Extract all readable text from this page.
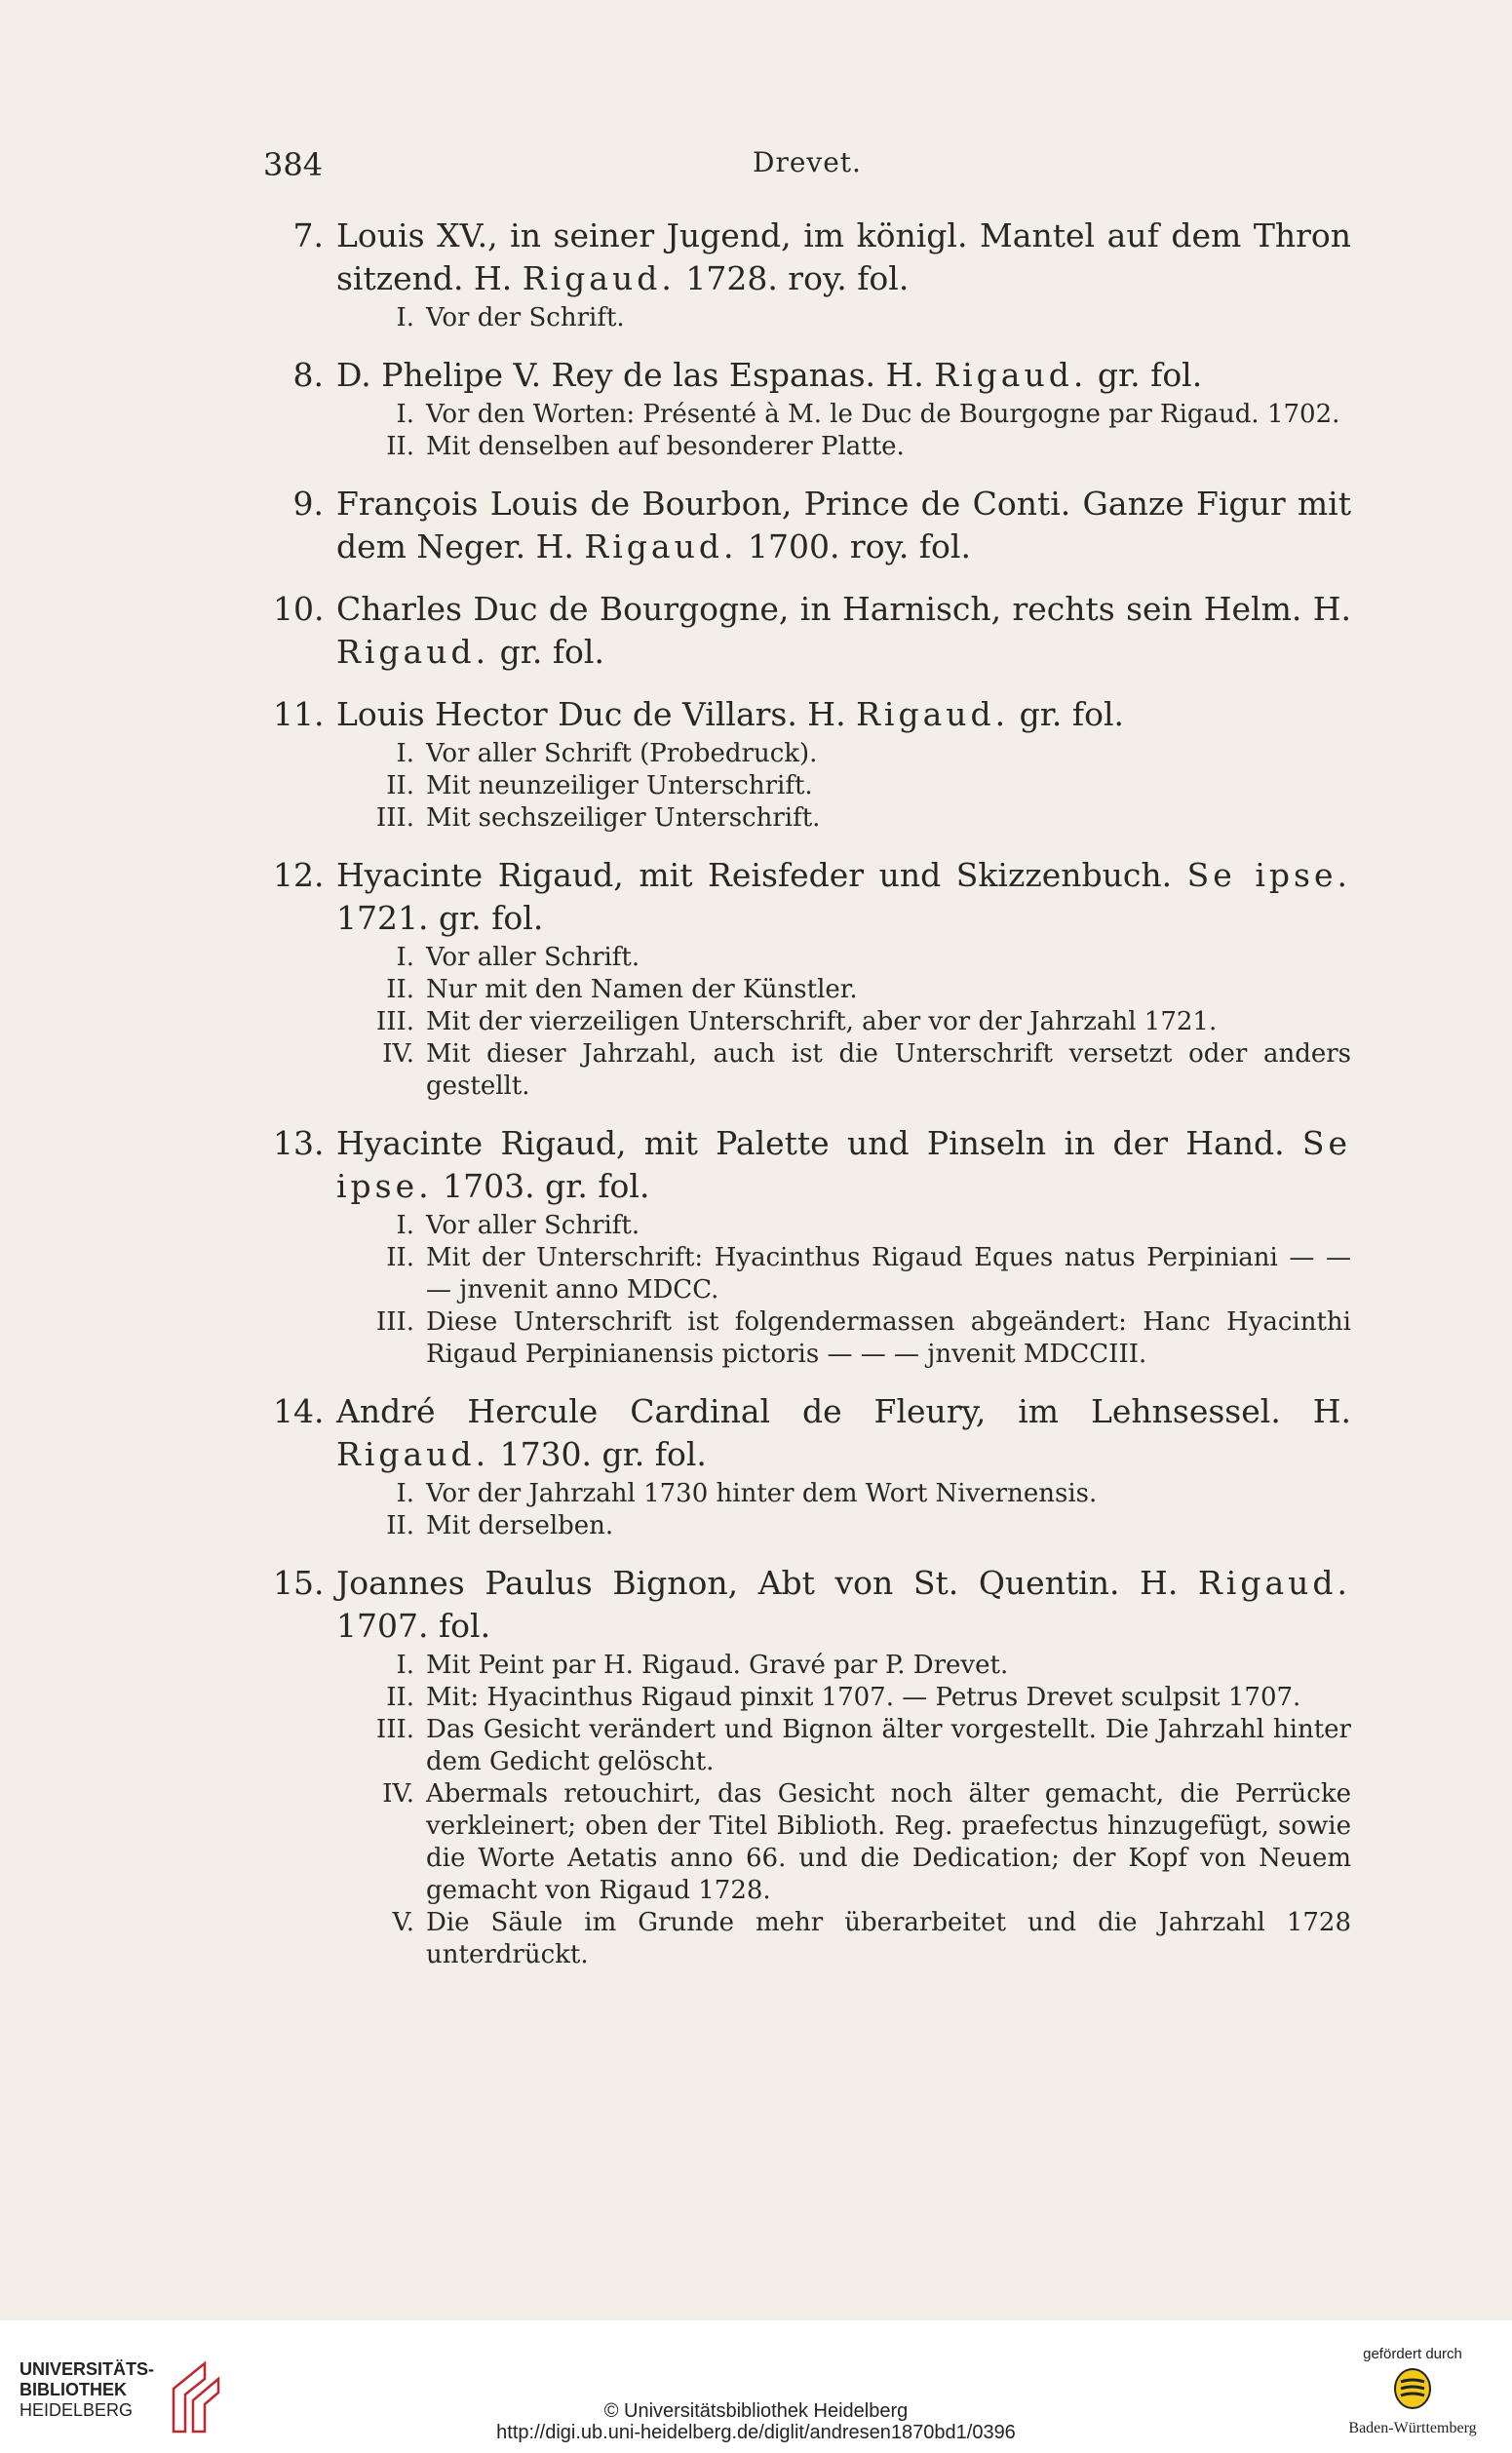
384	Drevet.
7. Louis XV., in seiner Jugend, im königl. Mantel auf dem Thron sitzend. H. Rigaud. 1728. roy. fol.
I. Vor der Schrift.
8. D. Phelipe V. Rey de las Espanas. H. Rigaud. gr. fol.
I. Vor den Worten: Présenté à M. le Duc de Bourgogne par Rigaud. 1702.
II. Mit denselben auf besonderer Platte.
9. François Louis de Bourbon, Prince de Conti. Ganze Figur mit dem Neger. H. Rigaud. 1700. roy. fol.
10. Charles Duc de Bourgogne, in Harnisch, rechts sein Helm. H. Rigaud. gr. fol.
11. Louis Hector Duc de Villars. H. Rigaud. gr. fol.
I. Vor aller Schrift (Probedruck).
II. Mit neunzeiliger Unterschrift.
III. Mit sechszeiliger Unterschrift.
12. Hyacinte Rigaud, mit Reisfeder und Skizzenbuch. Se ipse. 1721. gr. fol.
I. Vor aller Schrift.
II. Nur mit den Namen der Künstler.
III. Mit der vierzeiligen Unterschrift, aber vor der Jahrzahl 1721.
IV. Mit dieser Jahrzahl, auch ist die Unterschrift versetzt oder anders gestellt.
13. Hyacinte Rigaud, mit Palette und Pinseln in der Hand. Se ipse. 1703. gr. fol.
I. Vor aller Schrift.
II. Mit der Unterschrift: Hyacinthus Rigaud Eques natus Perpiniani — — — jnvenit anno MDCC.
III. Diese Unterschrift ist folgendermassen abgeändert: Hanc Hyacinthi Rigaud Perpinianensis pictoris — — — jnvenit MDCCIII.
14. André Hercule Cardinal de Fleury, im Lehnsessel. H. Rigaud. 1730. gr. fol.
I. Vor der Jahrzahl 1730 hinter dem Wort Nivernensis.
II. Mit derselben.
15. Joannes Paulus Bignon, Abt von St. Quentin. H. Rigaud. 1707. fol.
I. Mit Peint par H. Rigaud. Gravé par P. Drevet.
II. Mit: Hyacinthus Rigaud pinxit 1707. — Petrus Drevet sculpsit 1707.
III. Das Gesicht verändert und Bignon älter vorgestellt. Die Jahrzahl hinter dem Gedicht gelöscht.
IV. Abermals retouchirt, das Gesicht noch älter gemacht, die Perrücke verkleinert; oben der Titel Biblioth. Reg. praefectus hinzugefügt, sowie die Worte Aetatis anno 66. und die Dedication; der Kopf von Neuem gemacht von Rigaud 1728.
V. Die Säule im Grunde mehr überarbeitet und die Jahrzahl 1728 unterdrückt.
UNIVERSITÄTS-
BIBLIOTHEK
HEIDELBERG	© Universitätsbibliothek Heidelberg
http://digi.ub.uni-heidelberg.de/diglit/andresen1870bd1/0396
gefördert durch
Baden-Württemberg
